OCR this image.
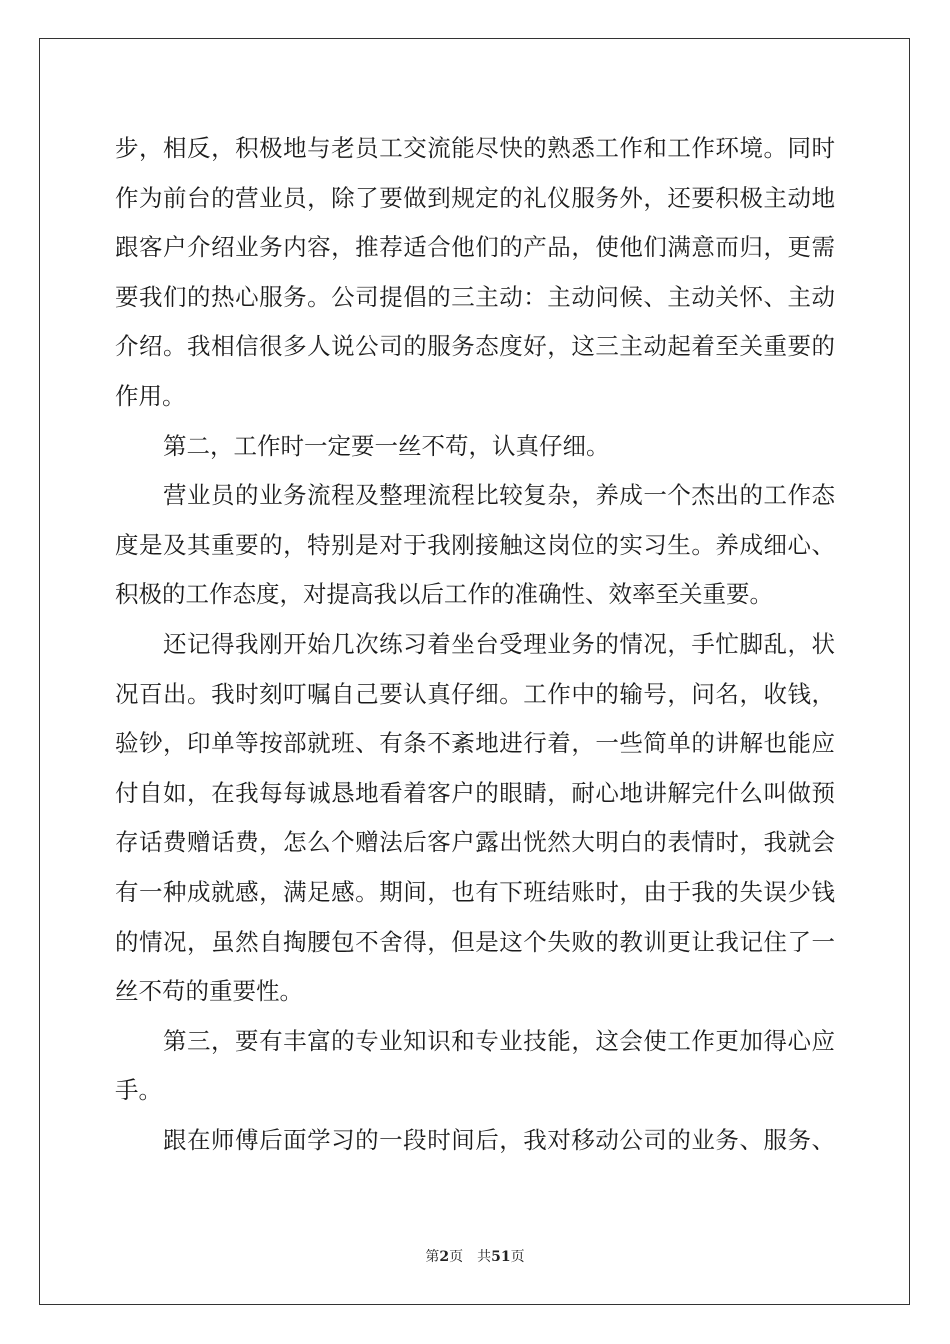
步，相反，积极地与老员工交流能尽快的熟悉工作和工作环境。同时
作为前台的营业员，除了要做到规定的礼仪服务外，还要积极主动地
跟客户介绍业务内容，推荐适合他们的产品，使他们满意而归，更需
要我们的热心服务。公司提倡的三主动：主动问候、主动关怀、主动
介绍。我相信很多人说公司的服务态度好，这三主动起着至关重要的
作用。
第二，工作时一定要一丝不苟，认真仔细。
营业员的业务流程及整理流程比较复杂，养成一个杰出的工作态
度是及其重要的，特别是对于我刚接触这岗位的实习生。养成细心、
积极的工作态度，对提高我以后工作的准确性、效率至关重要。
还记得我刚开始几次练习着坐台受理业务的情况，手忙脚乱，状
况百出。我时刻叮嘱自己要认真仔细。工作中的输号，问名，收钱，
验钞，印单等按部就班、有条不紊地进行着，一些简单的讲解也能应
付自如，在我每每诚恳地看着客户的眼睛，耐心地讲解完什么叫做预
存话费赠话费，怎么个赠法后客户露出恍然大明白的表情时，我就会
有一种成就感，满足感。期间，也有下班结账时，由于我的失误少钱
的情况，虽然自掏腰包不舍得，但是这个失败的教训更让我记住了一
丝不苟的重要性。
第三，要有丰富的专业知识和专业技能，这会使工作更加得心应
手。
跟在师傅后面学习的一段时间后，我对移动公司的业务、服务、
第2页 共51页
